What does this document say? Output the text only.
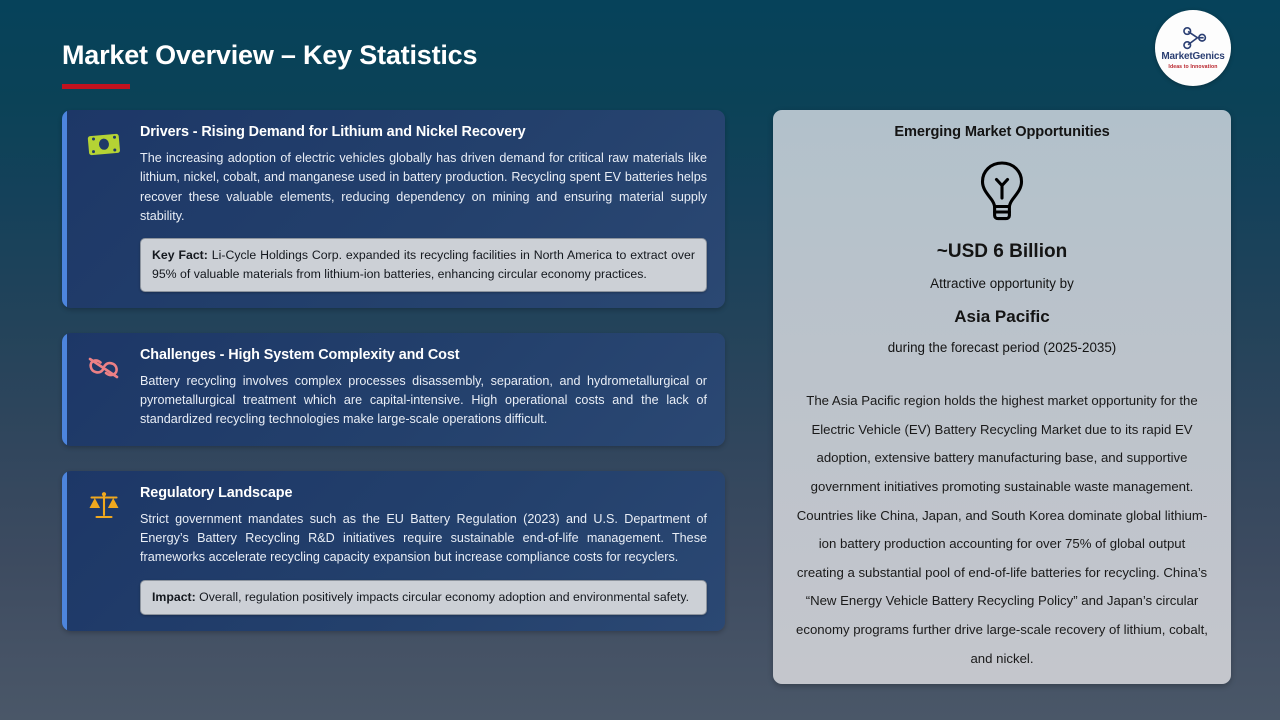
Market Overview – Key Statistics	MarketGenics
Ideas to Innovation
Drivers - Rising Demand for Lithium and Nickel Recovery
The increasing adoption of electric vehicles globally has driven demand for critical raw materials like lithium, nickel, cobalt, and manganese used in battery production. Recycling spent EV batteries helps recover these valuable elements, reducing dependency on mining and ensuring material supply stability.
Key Fact: Li-Cycle Holdings Corp. expanded its recycling facilities in North America to extract over 95% of valuable materials from lithium-ion batteries, enhancing circular economy practices.
Challenges - High System Complexity and Cost
Battery recycling involves complex processes disassembly, separation, and hydrometallurgical or pyrometallurgical treatment which are capital-intensive. High operational costs and the lack of standardized recycling technologies make large-scale operations difficult.
Regulatory Landscape
Strict government mandates such as the EU Battery Regulation (2023) and U.S. Department of Energy’s Battery Recycling R&D initiatives require sustainable end-of-life management. These frameworks accelerate recycling capacity expansion but increase compliance costs for recyclers.
Impact: Overall, regulation positively impacts circular economy adoption and environmental safety.
Emerging Market Opportunities
~USD 6 Billion
Attractive opportunity by
Asia Pacific
during the forecast period (2025-2035)
The Asia Pacific region holds the highest market opportunity for the Electric Vehicle (EV) Battery Recycling Market due to its rapid EV adoption, extensive battery manufacturing base, and supportive government initiatives promoting sustainable waste management. Countries like China, Japan, and South Korea dominate global lithium-ion battery production accounting for over 75% of global output creating a substantial pool of end-of-life batteries for recycling. China’s “New Energy Vehicle Battery Recycling Policy” and Japan’s circular economy programs further drive large-scale recovery of lithium, cobalt, and nickel.
